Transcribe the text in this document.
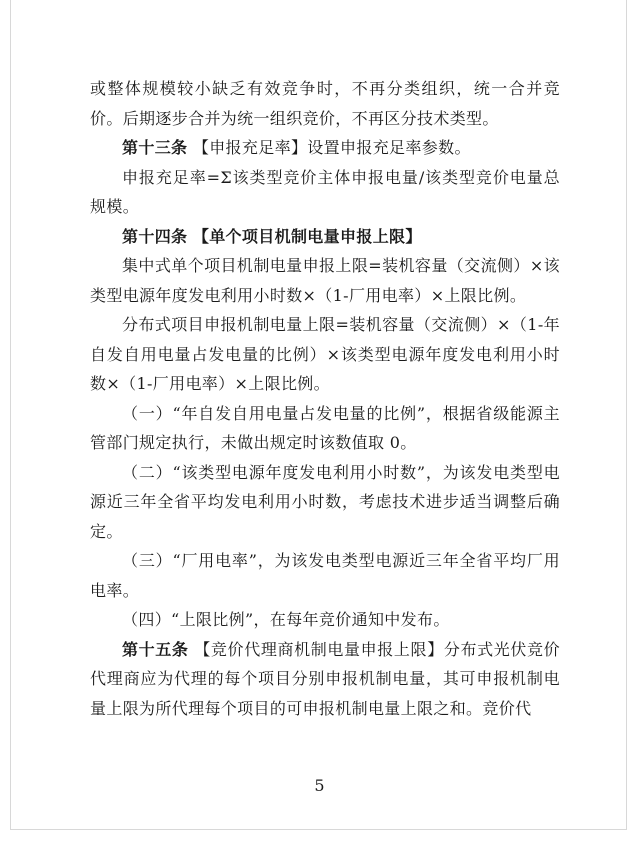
或整体规模较小缺乏有效竞争时，不再分类组织，统一合并竞价。后期逐步合并为统一组织竞价，不再区分技术类型。

第十三条 【申报充足率】设置申报充足率参数。

申报充足率=Σ该类型竞价主体申报电量/该类型竞价电量总规模。

第十四条 【单个项目机制电量申报上限】

集中式单个项目机制电量申报上限=装机容量（交流侧）×该类型电源年度发电利用小时数×（1-厂用电率）×上限比例。

分布式项目申报机制电量上限=装机容量（交流侧）×（1-年自发自用电量占发电量的比例）×该类型电源年度发电利用小时数×（1-厂用电率）×上限比例。

（一）“年自发自用电量占发电量的比例”，根据省级能源主管部门规定执行，未做出规定时该数值取 0。

（二）“该类型电源年度发电利用小时数”，为该发电类型电源近三年全省平均发电利用小时数，考虑技术进步适当调整后确定。

（三）“厂用电率”，为该发电类型电源近三年全省平均厂用电率。

（四）“上限比例”，在每年竞价通知中发布。

第十五条 【竞价代理商机制电量申报上限】分布式光伏竞价代理商应为代理的每个项目分别申报机制电量，其可申报机制电量上限为所代理每个项目的可申报机制电量上限之和。竞价代

5
